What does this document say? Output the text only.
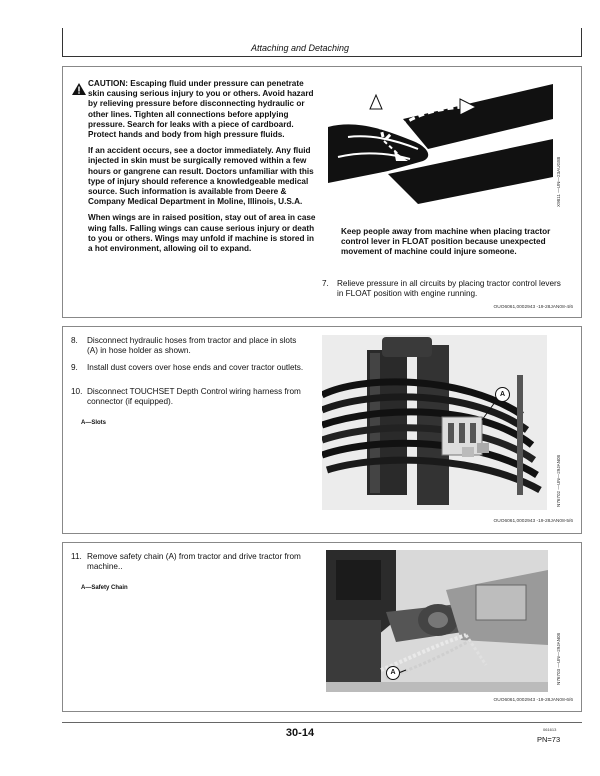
Attaching and Detaching

CAUTION: Escaping fluid under pressure can penetrate skin causing serious injury to you or others. Avoid hazard by relieving pressure before disconnecting hydraulic or other lines. Tighten all connections before applying pressure. Search for leaks with a piece of cardboard. Protect hands and body from high pressure fluids.

If an accident occurs, see a doctor immediately. Any fluid injected in skin must be surgically removed within a few hours or gangrene can result. Doctors unfamiliar with this type of injury should reference a knowledgeable medical source. Such information is available from Deere & Company Medical Department in Moline, Illinois, U.S.A.

When wings are in raised position, stay out of area in case wing falls. Falling wings can cause serious injury or death to you or others. Wings may unfold if machine is stored in a hot environment, allowing oil to expand.

X9811 —UN—23AUG88
Keep people away from machine when placing tractor control lever in FLOAT position because unexpected movement of machine could injure someone.
7. Relieve pressure in all circuits by placing tractor control levers in FLOAT position with engine running.
OUO6061,0002943 -19-28JAN08-4/6
8.	Disconnect hydraulic hoses from tractor and place in slots (A) in hose holder as shown.
9.	Install dust covers over hose ends and cover tractor outlets.
10. Disconnect TOUCHSET Depth Control wiring harness from connector (if equipped).
A—Slots
A
N76702 —UN—29JAN08
OUO6061,0002943 -19-28JAN08-5/6
11. Remove safety chain (A) from tractor and drive tractor from machine..
A—Safety Chain
A	N76703 —UN—29JAN08
OUO6061,0002943 -19-28JAN08-6/6
30-14	061613
PN=73
